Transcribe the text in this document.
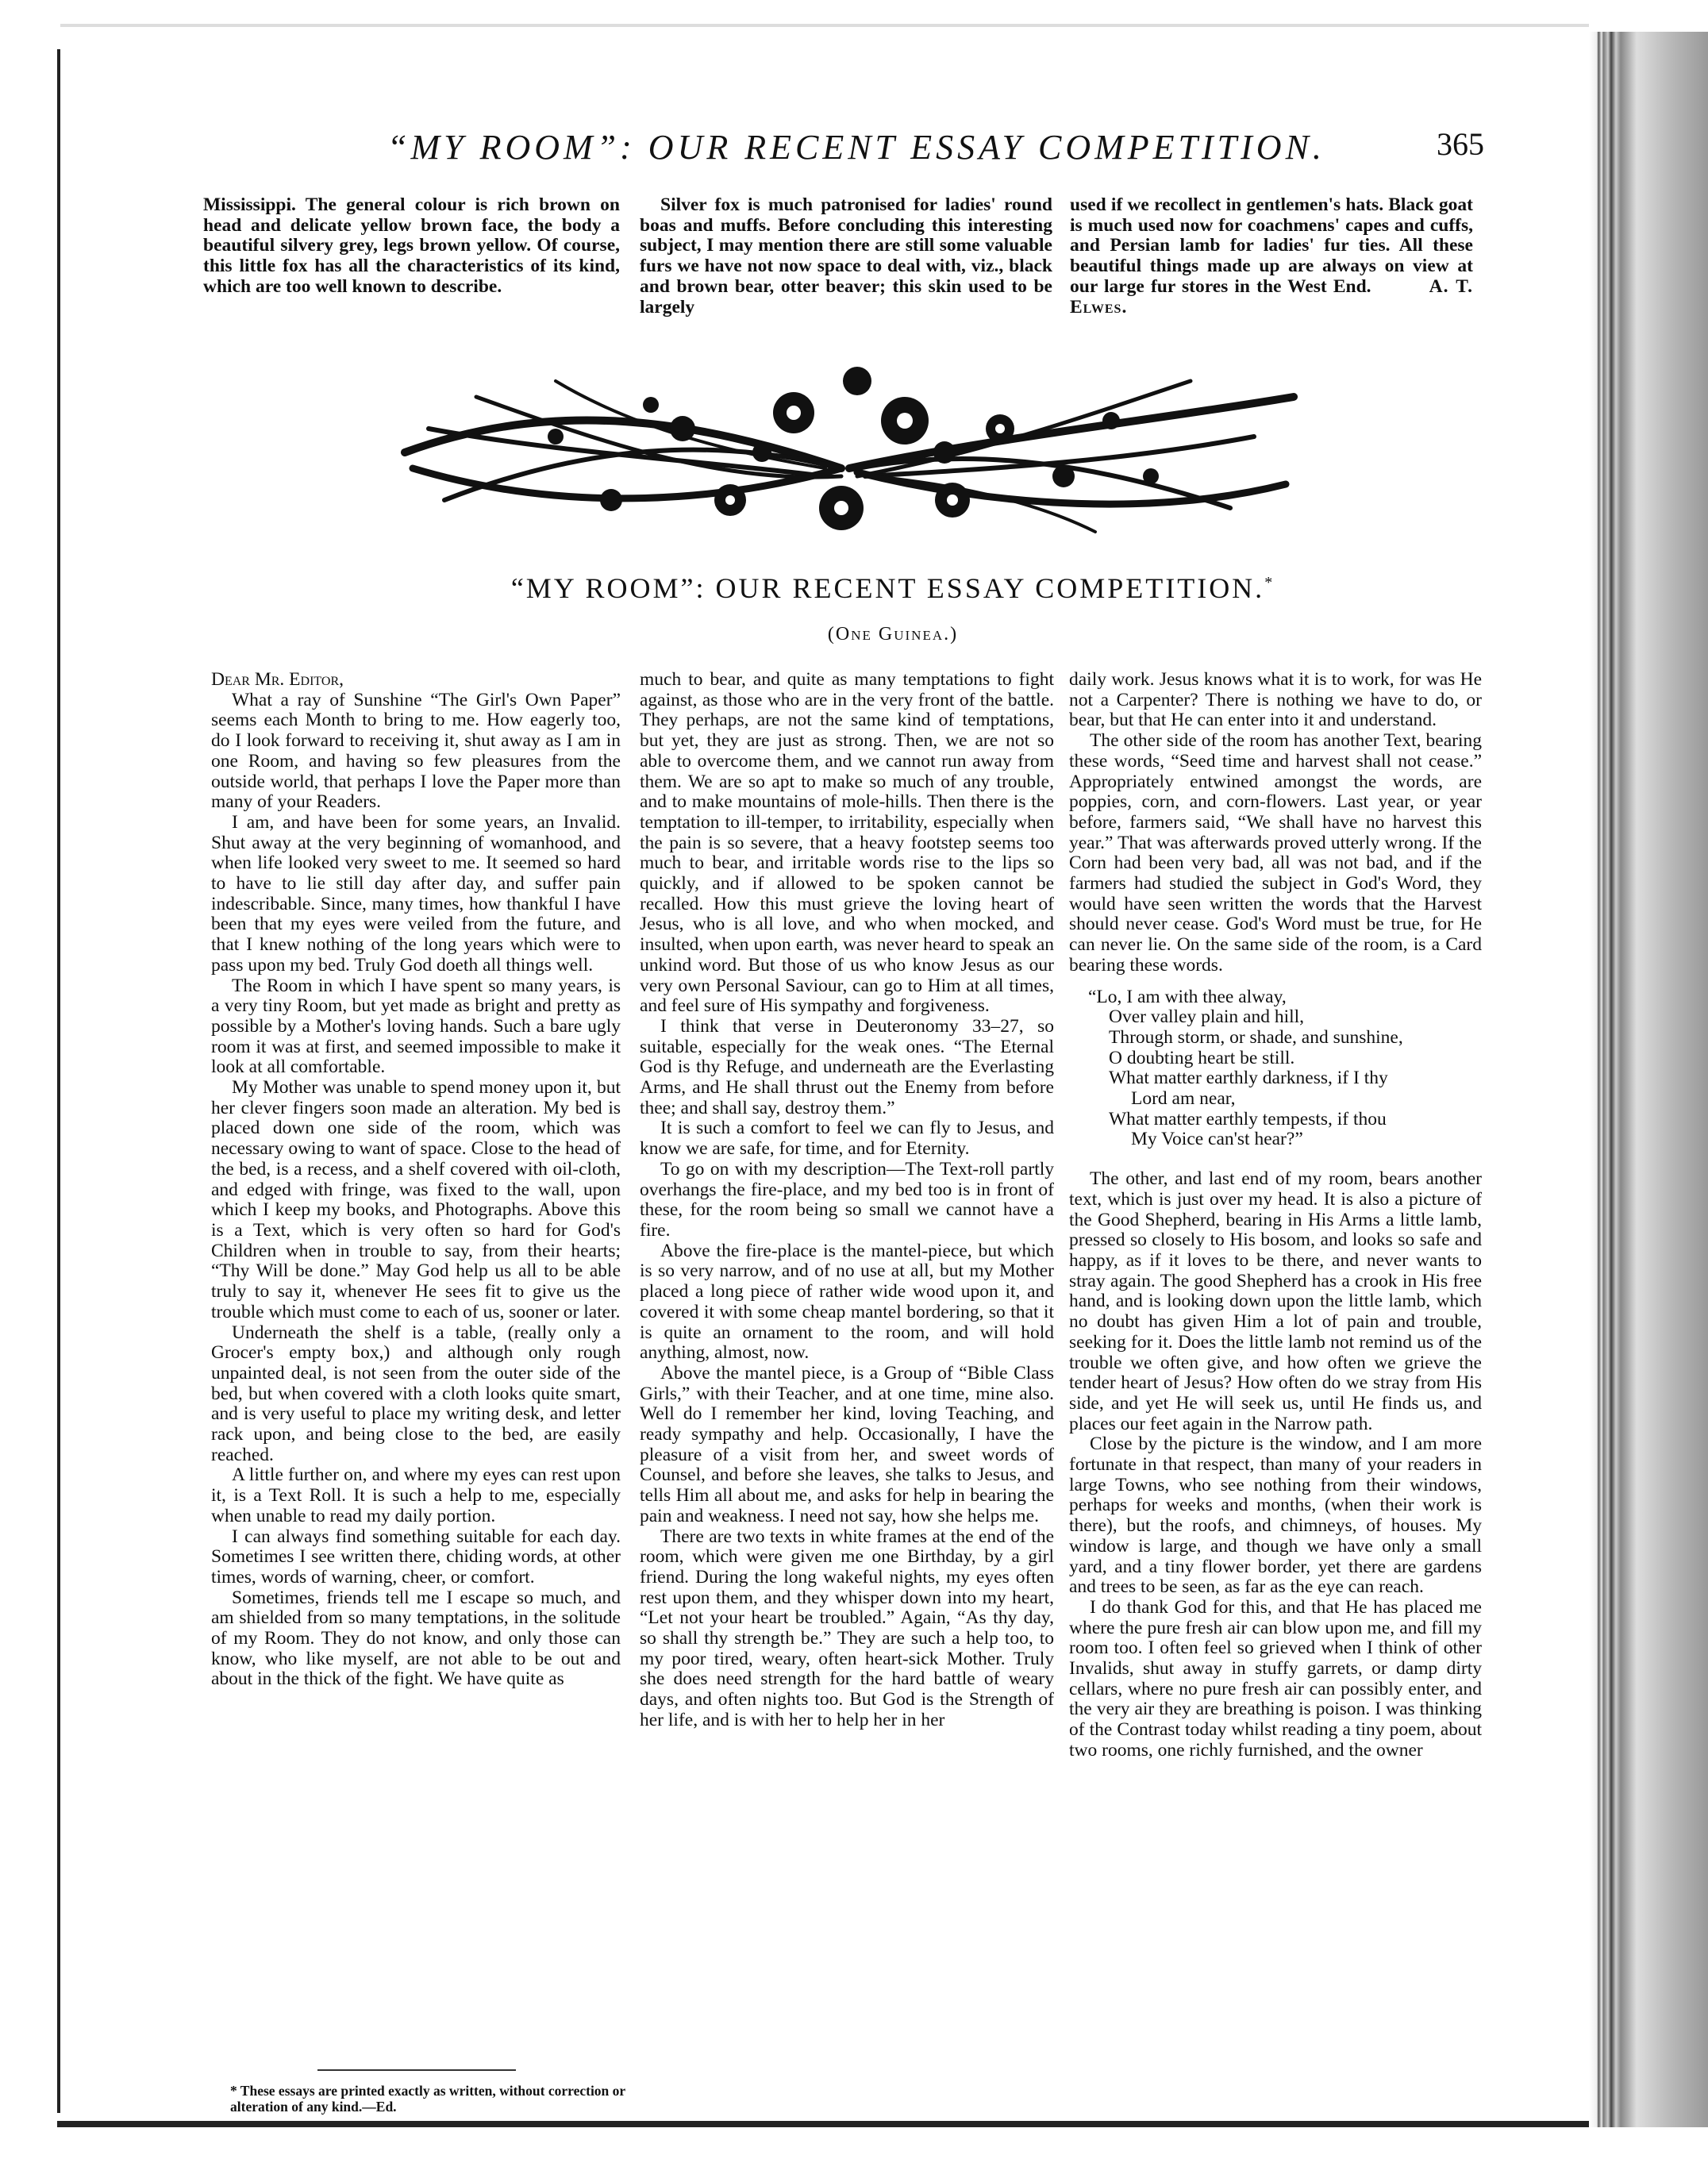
“MY ROOM”: OUR RECENT ESSAY COMPETITION.	365

Mississippi. The general colour is rich brown on head and delicate yellow brown face, the body a beautiful silvery grey, legs brown yellow. Of course, this little fox has all the characteristics of its kind, which are too well known to describe.

Silver fox is much patronised for ladies' round boas and muffs. Before concluding this interesting subject, I may mention there are still some valuable furs we have not now space to deal with, viz., black and brown bear, otter beaver; this skin used to be largely

used if we recollect in gentlemen's hats. Black goat is much used now for coachmens' capes and cuffs, and Persian lamb for ladies' fur ties. All these beautiful things made up are always on view at our large fur stores in the West End.	A. T. Elwes.

“MY ROOM”: OUR RECENT ESSAY COMPETITION.*
(One Guinea.)

Dear Mr. Editor,

What a ray of Sunshine “The Girl's Own Paper” seems each Month to bring to me. How eagerly too, do I look forward to receiving it, shut away as I am in one Room, and having so few pleasures from the outside world, that perhaps I love the Paper more than many of your Readers.

I am, and have been for some years, an Invalid. Shut away at the very beginning of womanhood, and when life looked very sweet to me. It seemed so hard to have to lie still day after day, and suffer pain indescribable. Since, many times, how thankful I have been that my eyes were veiled from the future, and that I knew nothing of the long years which were to pass upon my bed. Truly God doeth all things well.

The Room in which I have spent so many years, is a very tiny Room, but yet made as bright and pretty as possible by a Mother's loving hands. Such a bare ugly room it was at first, and seemed impossible to make it look at all comfortable.

My Mother was unable to spend money upon it, but her clever fingers soon made an alteration. My bed is placed down one side of the room, which was necessary owing to want of space. Close to the head of the bed, is a recess, and a shelf covered with oil-cloth, and edged with fringe, was fixed to the wall, upon which I keep my books, and Photographs. Above this is a Text, which is very often so hard for God's Children when in trouble to say, from their hearts; “Thy Will be done.” May God help us all to be able truly to say it, whenever He sees fit to give us the trouble which must come to each of us, sooner or later.

Underneath the shelf is a table, (really only a Grocer's empty box,) and although only rough unpainted deal, is not seen from the outer side of the bed, but when covered with a cloth looks quite smart, and is very useful to place my writing desk, and letter rack upon, and being close to the bed, are easily reached.

A little further on, and where my eyes can rest upon it, is a Text Roll. It is such a help to me, especially when unable to read my daily portion.

I can always find something suitable for each day. Sometimes I see written there, chiding words, at other times, words of warning, cheer, or comfort.

Sometimes, friends tell me I escape so much, and am shielded from so many temptations, in the solitude of my Room. They do not know, and only those can know, who like myself, are not able to be out and about in the thick of the fight. We have quite as

much to bear, and quite as many temptations to fight against, as those who are in the very front of the battle. They perhaps, are not the same kind of temptations, but yet, they are just as strong. Then, we are not so able to overcome them, and we cannot run away from them. We are so apt to make so much of any trouble, and to make mountains of mole-hills. Then there is the temptation to ill-temper, to irritability, especially when the pain is so severe, that a heavy footstep seems too much to bear, and irritable words rise to the lips so quickly, and if allowed to be spoken cannot be recalled. How this must grieve the loving heart of Jesus, who is all love, and who when mocked, and insulted, when upon earth, was never heard to speak an unkind word. But those of us who know Jesus as our very own Personal Saviour, can go to Him at all times, and feel sure of His sympathy and forgiveness.

I think that verse in Deuteronomy 33–27, so suitable, especially for the weak ones. “The Eternal God is thy Refuge, and underneath are the Everlasting Arms, and He shall thrust out the Enemy from before thee; and shall say, destroy them.”

It is such a comfort to feel we can fly to Jesus, and know we are safe, for time, and for Eternity.

To go on with my description—The Text-roll partly overhangs the fire-place, and my bed too is in front of these, for the room being so small we cannot have a fire.

Above the fire-place is the mantel-piece, but which is so very narrow, and of no use at all, but my Mother placed a long piece of rather wide wood upon it, and covered it with some cheap mantel bordering, so that it is quite an ornament to the room, and will hold anything, almost, now.

Above the mantel piece, is a Group of “Bible Class Girls,” with their Teacher, and at one time, mine also. Well do I remember her kind, loving Teaching, and ready sympathy and help. Occasionally, I have the pleasure of a visit from her, and sweet words of Counsel, and before she leaves, she talks to Jesus, and tells Him all about me, and asks for help in bearing the pain and weakness. I need not say, how she helps me.

There are two texts in white frames at the end of the room, which were given me one Birthday, by a girl friend. During the long wakeful nights, my eyes often rest upon them, and they whisper down into my heart, “Let not your heart be troubled.” Again, “As thy day, so shall thy strength be.” They are such a help too, to my poor tired, weary, often heart-sick Mother. Truly she does need strength for the hard battle of weary days, and often nights too. But God is the Strength of her life, and is with her to help her in her

daily work. Jesus knows what it is to work, for was He not a Carpenter? There is nothing we have to do, or bear, but that He can enter into it and understand.

The other side of the room has another Text, bearing these words, “Seed time and harvest shall not cease.” Appropriately entwined amongst the words, are poppies, corn, and corn-flowers. Last year, or year before, farmers said, “We shall have no harvest this year.” That was afterwards proved utterly wrong. If the Corn had been very bad, all was not bad, and if the farmers had studied the subject in God's Word, they would have seen written the words that the Harvest should never cease. God's Word must be true, for He can never lie. On the same side of the room, is a Card bearing these words.

“Lo, I am with thee alway,
Over valley plain and hill,
Through storm, or shade, and sunshine,
O doubting heart be still.
What matter earthly darkness, if I thy
Lord am near,
What matter earthly tempests, if thou
My Voice can'st hear?”

The other, and last end of my room, bears another text, which is just over my head. It is also a picture of the Good Shepherd, bearing in His Arms a little lamb, pressed so closely to His bosom, and looks so safe and happy, as if it loves to be there, and never wants to stray again. The good Shepherd has a crook in His free hand, and is looking down upon the little lamb, which no doubt has given Him a lot of pain and trouble, seeking for it. Does the little lamb not remind us of the trouble we often give, and how often we grieve the tender heart of Jesus? How often do we stray from His side, and yet He will seek us, until He finds us, and places our feet again in the Narrow path.

Close by the picture is the window, and I am more fortunate in that respect, than many of your readers in large Towns, who see nothing from their windows, perhaps for weeks and months, (when their work is there), but the roofs, and chimneys, of houses. My window is large, and though we have only a small yard, and a tiny flower border, yet there are gardens and trees to be seen, as far as the eye can reach.

I do thank God for this, and that He has placed me where the pure fresh air can blow upon me, and fill my room too. I often feel so grieved when I think of other Invalids, shut away in stuffy garrets, or damp dirty cellars, where no pure fresh air can possibly enter, and the very air they are breathing is poison. I was thinking of the Contrast today whilst reading a tiny poem, about two rooms, one richly furnished, and the owner

* These essays are printed exactly as written, without correction or alteration of any kind.—Ed.
